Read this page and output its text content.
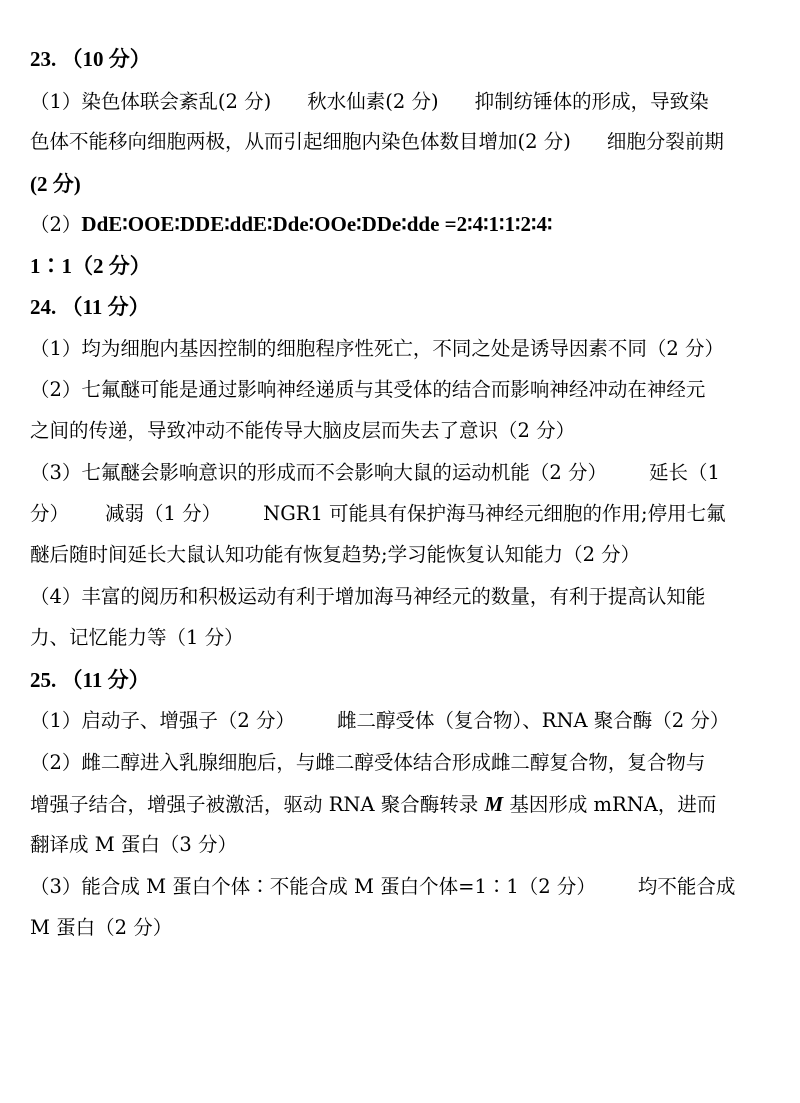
23. （10 分）
（1）染色体联会紊乱(2 分) 秋水仙素(2 分) 抑制纺锤体的形成，导致染
色体不能移向细胞两极，从而引起细胞内染色体数目增加(2 分) 细胞分裂前期
(2 分)
（2）DdE∶OOE∶DDE∶ddE∶Dde∶OOe∶DDe∶dde =2∶4∶1∶1∶2∶4∶
1∶1（2 分）
24. （11 分）
（1）均为细胞内基因控制的细胞程序性死亡，不同之处是诱导因素不同（2 分）
（2）七氟醚可能是通过影响神经递质与其受体的结合而影响神经冲动在神经元
之间的传递，导致冲动不能传导大脑皮层而失去了意识（2 分）
（3）七氟醚会影响意识的形成而不会影响大鼠的运动机能（2 分） 延长（1
分） 减弱（1 分） NGR1 可能具有保护海马神经元细胞的作用;停用七氟
醚后随时间延长大鼠认知功能有恢复趋势;学习能恢复认知能力（2 分）
（4）丰富的阅历和积极运动有利于增加海马神经元的数量，有利于提高认知能
力、记忆能力等（1 分）
25. （11 分）
（1）启动子、增强子（2 分） 雌二醇受体（复合物）、RNA 聚合酶（2 分）
（2）雌二醇进入乳腺细胞后，与雌二醇受体结合形成雌二醇复合物，复合物与
增强子结合，增强子被激活，驱动 RNA 聚合酶转录 M 基因形成 mRNA，进而
翻译成 M 蛋白（3 分）
（3）能合成 M 蛋白个体∶不能合成 M 蛋白个体=1∶1（2 分） 均不能合成
M 蛋白（2 分）
